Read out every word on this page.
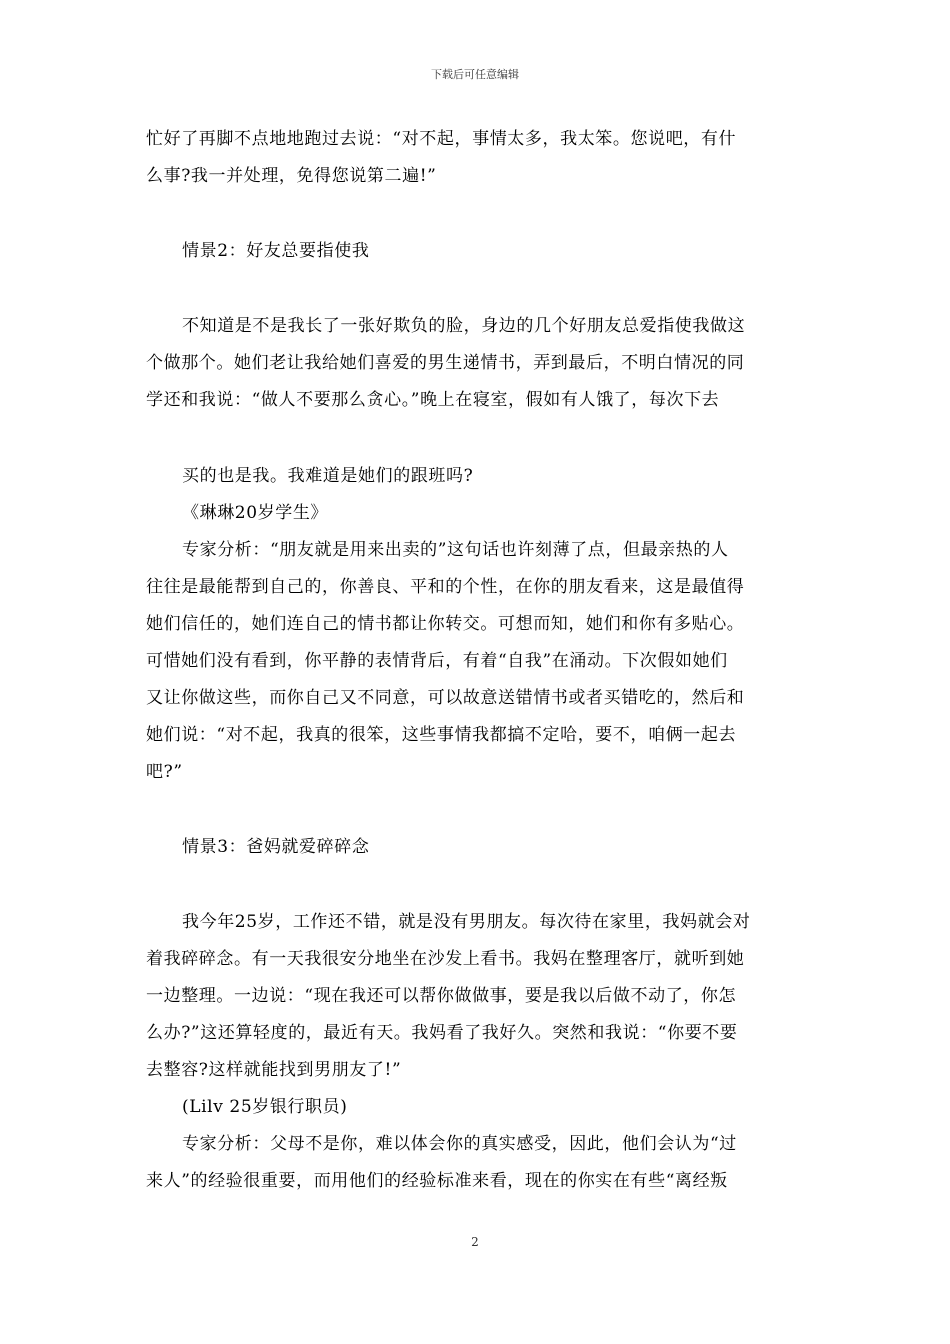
下载后可任意编辑
忙好了再脚不点地地跑过去说：“对不起，事情太多，我太笨。您说吧，有什
么事?我一并处理，免得您说第二遍!”
情景2：好友总要指使我
不知道是不是我长了一张好欺负的脸，身边的几个好朋友总爱指使我做这
个做那个。她们老让我给她们喜爱的男生递情书，弄到最后，不明白情况的同
学还和我说：“做人不要那么贪心。”晚上在寝室，假如有人饿了，每次下去
买的也是我。我难道是她们的跟班吗?
《琳琳20岁学生》
专家分析：“朋友就是用来出卖的”这句话也许刻薄了点，但最亲热的人
往往是最能帮到自己的，你善良、平和的个性，在你的朋友看来，这是最值得
她们信任的，她们连自己的情书都让你转交。可想而知，她们和你有多贴心。
可惜她们没有看到，你平静的表情背后，有着“自我”在涌动。下次假如她们
又让你做这些，而你自己又不同意，可以故意送错情书或者买错吃的，然后和
她们说：“对不起，我真的很笨，这些事情我都搞不定哈，要不，咱俩一起去
吧?”
情景3：爸妈就爱碎碎念
我今年25岁，工作还不错，就是没有男朋友。每次待在家里，我妈就会对
着我碎碎念。有一天我很安分地坐在沙发上看书。我妈在整理客厅，就听到她
一边整理。一边说：“现在我还可以帮你做做事，要是我以后做不动了，你怎
么办?”这还算轻度的，最近有天。我妈看了我好久。突然和我说：“你要不要
去整容?这样就能找到男朋友了!”
(Lilv 25岁银行职员)
专家分析：父母不是你，难以体会你的真实感受，因此，他们会认为“过
来人”的经验很重要，而用他们的经验标准来看，现在的你实在有些“离经叛
2
